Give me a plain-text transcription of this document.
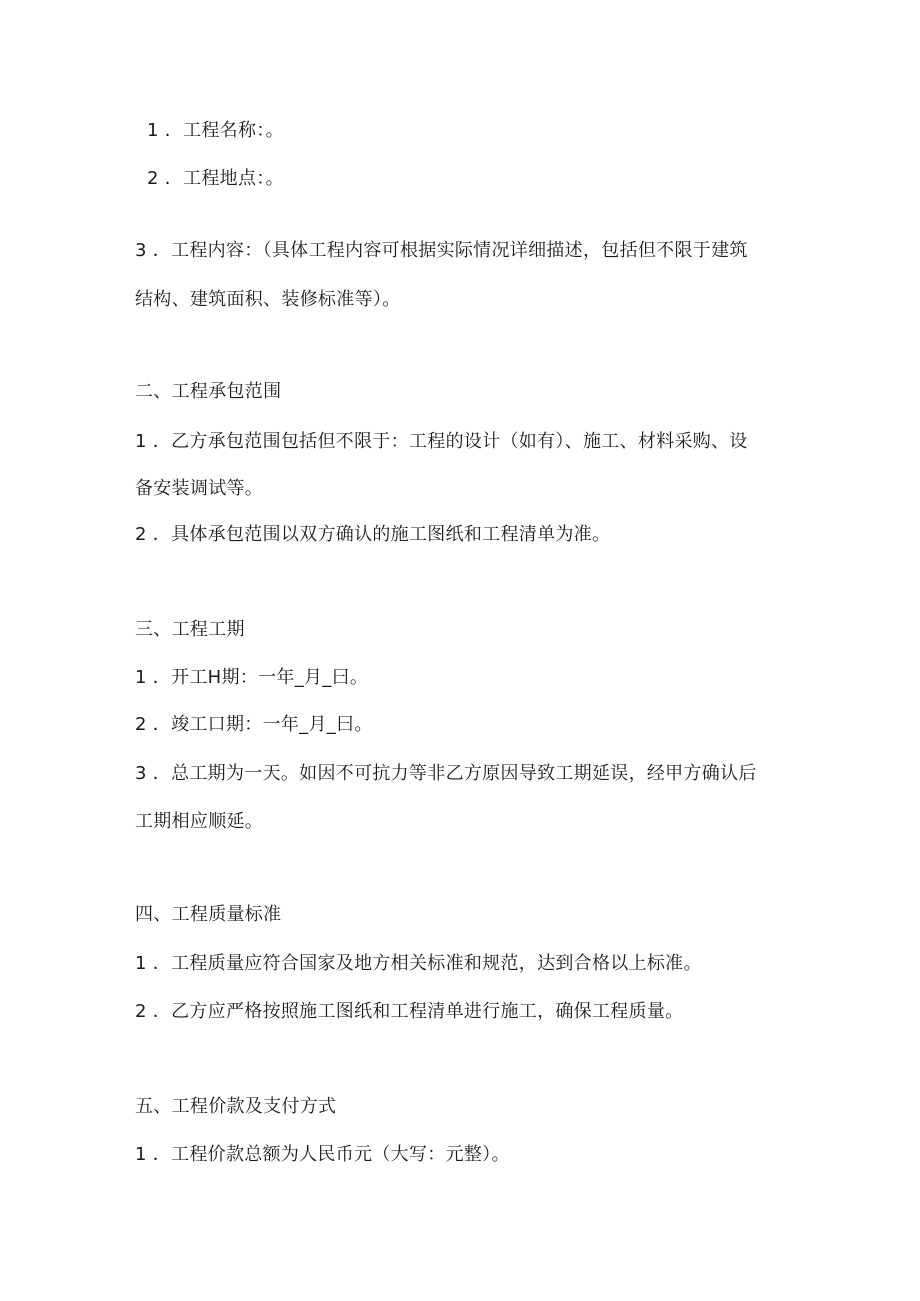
1 ．工程名称：。
2 ．工程地点：。
3 ．工程内容：（具体工程内容可根据实际情况详细描述，包括但不限于建筑
结构、建筑面积、装修标准等）。
二、工程承包范围
1 ．乙方承包范围包括但不限于：工程的设计（如有）、施工、材料采购、设
备安装调试等。
2 ．具体承包范围以双方确认的施工图纸和工程清单为准。
三、工程工期
1 ．开工H期：一年_月_曰。
2 ．竣工口期：一年_月_曰。
3 ．总工期为一天。如因不可抗力等非乙方原因导致工期延误，经甲方确认后
工期相应顺延。
四、工程质量标准
1 ．工程质量应符合国家及地方相关标准和规范，达到合格以上标准。
2 ．乙方应严格按照施工图纸和工程清单进行施工，确保工程质量。
五、工程价款及支付方式
1 ．工程价款总额为人民币元（大写：元整）。
